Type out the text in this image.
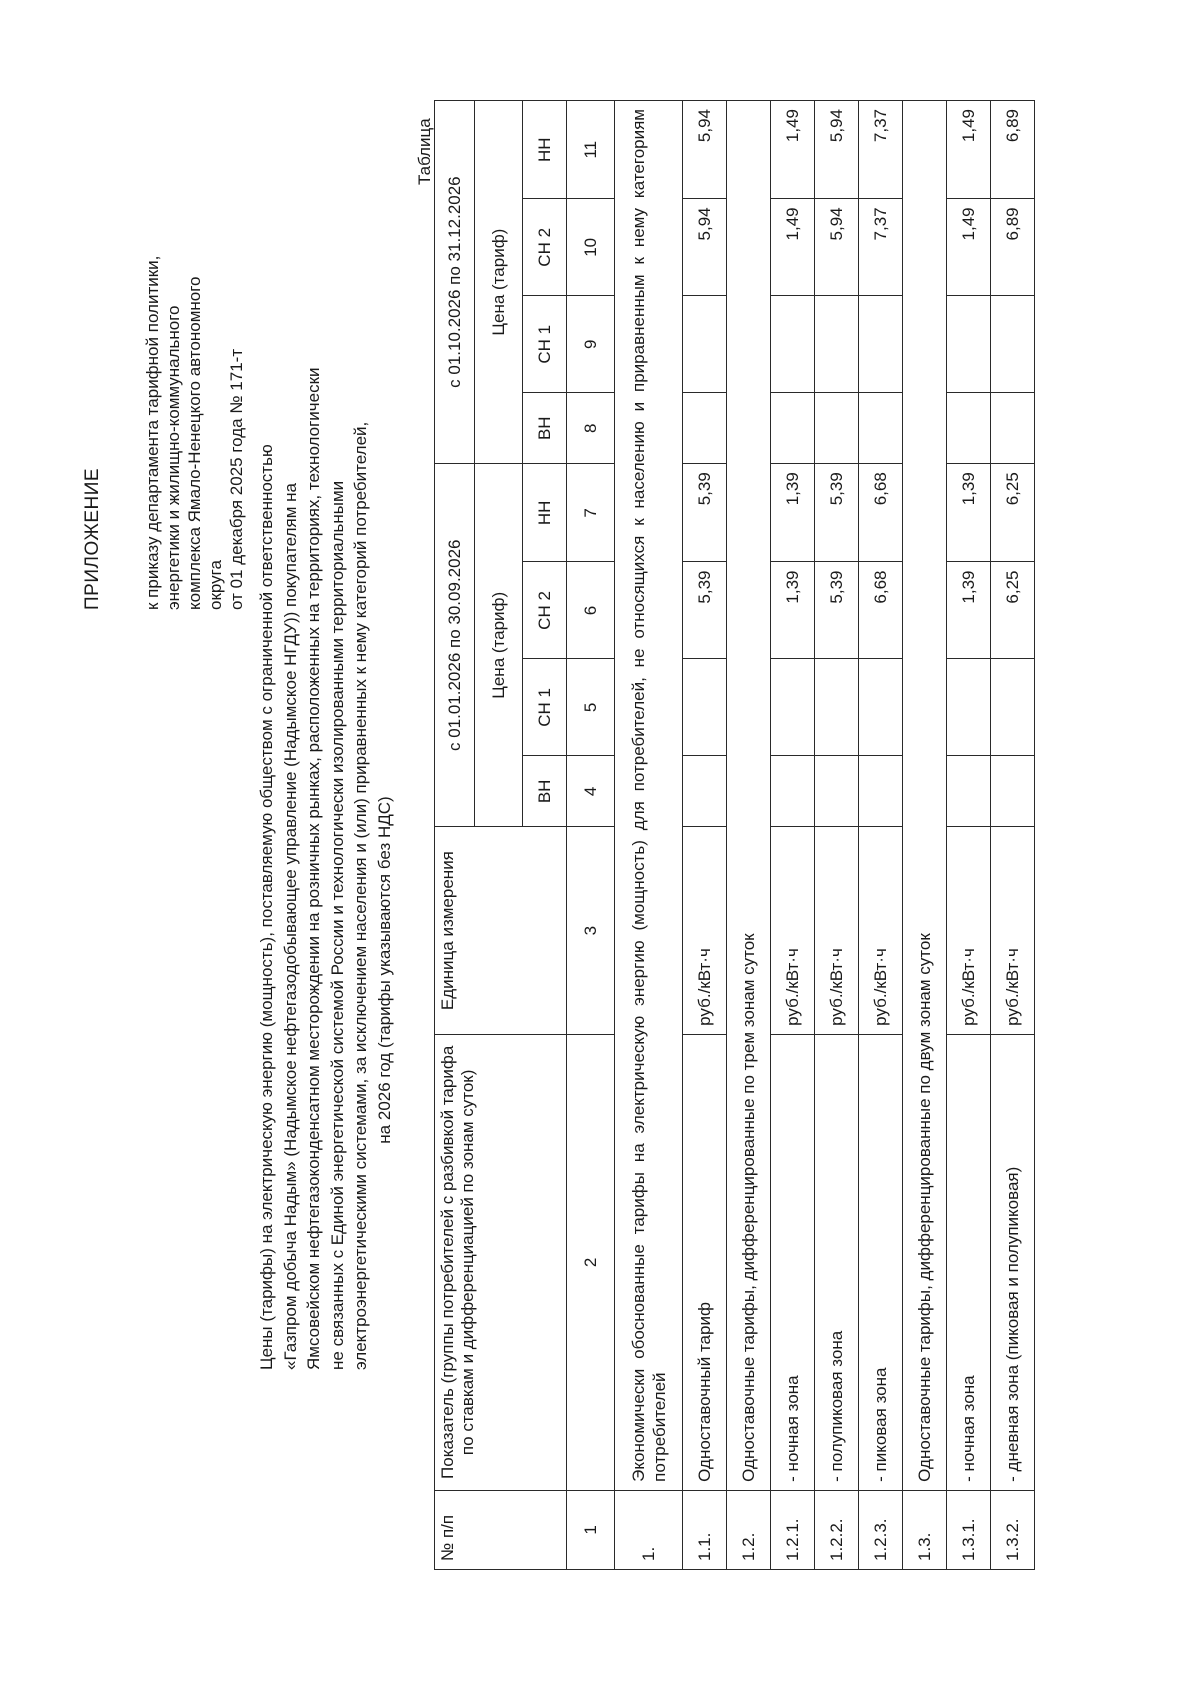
ПРИЛОЖЕНИЕ к приказу департамента тарифной политики, энергетики и жилищно-коммунального комплекса Ямало-Ненецкого автономного округа от 01 декабря 2025 года № 171-т Цены (тарифы) на электрическую энергию (мощность), поставляемую обществом с ограниченной ответственностью «Газпром добыча Надым» (Надымское нефтегазодобывающее управление (Надымское НГДУ)) покупателям на Ямсовейском нефтегазоконденсатном месторождении на розничных рынках, расположенных на территориях, технологически не связанных с Единой энергетической системой России и технологически изолированными территориальными электроэнергетическими системами, за исключением населения и (или) приравненных к нему категорий потребителей, на 2026 год (тарифы указываются без НДС)
Таблица
№ п/п	Показатель (группы потребителей с разбивкой тарифа по ставкам и дифференциацией по зонам суток)	Единица измерения	с 01.01.2026 по 30.09.2026				с 01.10.2026 по 31.12.2026			
			Цена (тариф)				Цена (тариф)			
			ВН	СН 1	СН 2	НН	ВН	СН 1	СН 2	НН
1	2	3	4	5	6	7	8	9	10	11
1.	Экономически обоснованные тарифы на электрическую энергию (мощность) для потребителей, не относящихся к населению и приравненным к нему категориям потребителей									
1.1.	Одноставочный тариф	руб./кВт·ч			5,39	5,39			5,94	5,94
1.2.	Одноставочные тарифы, дифференцированные по трем зонам суток									
1.2.1.	- ночная зона	руб./кВт·ч			1,39	1,39			1,49	1,49
1.2.2.	- полупиковая зона	руб./кВт·ч			5,39	5,39			5,94	5,94
1.2.3.	- пиковая зона	руб./кВт·ч			6,68	6,68			7,37	7,37
1.3.	Одноставочные тарифы, дифференцированные по двум зонам суток									
1.3.1.	- ночная зона	руб./кВт·ч			1,39	1,39			1,49	1,49
1.3.2.	- дневная зона (пиковая и полупиковая)	руб./кВт·ч			6,25	6,25			6,89	6,89
